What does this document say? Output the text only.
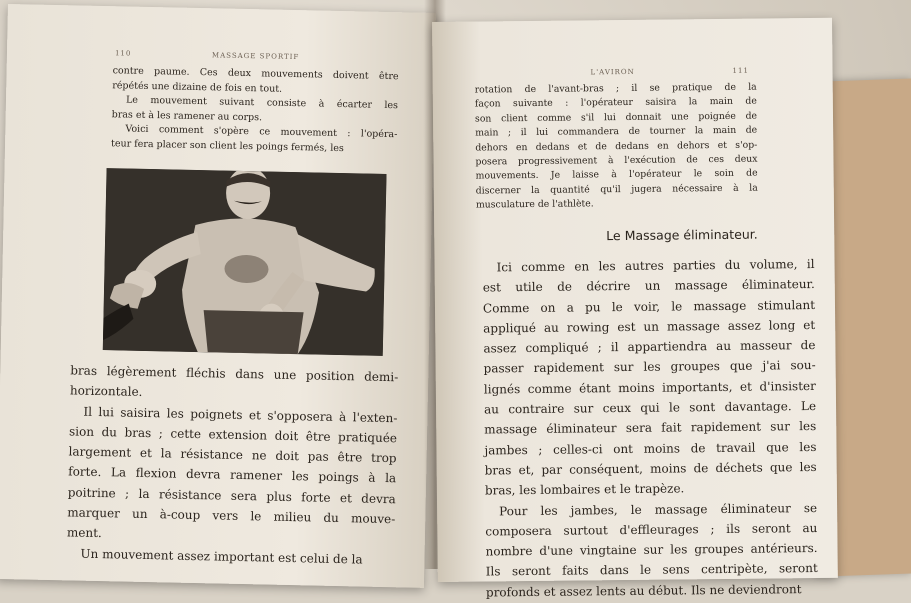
110	MASSAGE SPORTIF
contre paume. Ces deux mouvements doivent être
répétés une dizaine de fois en tout.
Le mouvement suivant consiste à écarter les
bras et à les ramener au corps.
Voici comment s'opère ce mouvement : l'opéra-
teur fera placer son client les poings fermés, les
bras légèrement fléchis dans une position demi-
horizontale.
Il lui saisira les poignets et s'opposera à l'exten-
sion du bras ; cette extension doit être pratiquée
largement et la résistance ne doit pas être trop
forte. La flexion devra ramener les poings à la
poitrine ; la résistance sera plus forte et devra
marquer un à-coup vers le milieu du mouve-
ment.
Un mouvement assez important est celui de la
L'AVIRON	111
rotation de l'avant-bras ; il se pratique de la
façon suivante : l'opérateur saisira la main de
son client comme s'il lui donnait une poignée de
main ; il lui commandera de tourner la main de
dehors en dedans et de dedans en dehors et s'op-
posera progressivement à l'exécution de ces deux
mouvements. Je laisse à l'opérateur le soin de
discerner la quantité qu'il jugera nécessaire à la
musculature de l'athlète.
Le Massage éliminateur.
Ici comme en les autres parties du volume, il
est utile de décrire un massage éliminateur.
Comme on a pu le voir, le massage stimulant
appliqué au rowing est un massage assez long et
assez compliqué ; il appartiendra au masseur de
passer rapidement sur les groupes que j'ai sou-
lignés comme étant moins importants, et d'insister
au contraire sur ceux qui le sont davantage. Le
massage éliminateur sera fait rapidement sur les
jambes ; celles-ci ont moins de travail que les
bras et, par conséquent, moins de déchets que les
bras, les lombaires et le trapèze.
Pour les jambes, le massage éliminateur se
composera surtout d'effleurages ; ils seront au
nombre d'une vingtaine sur les groupes antérieurs.
Ils seront faits dans le sens centripète, seront
profonds et assez lents au début. Ils ne deviendront
